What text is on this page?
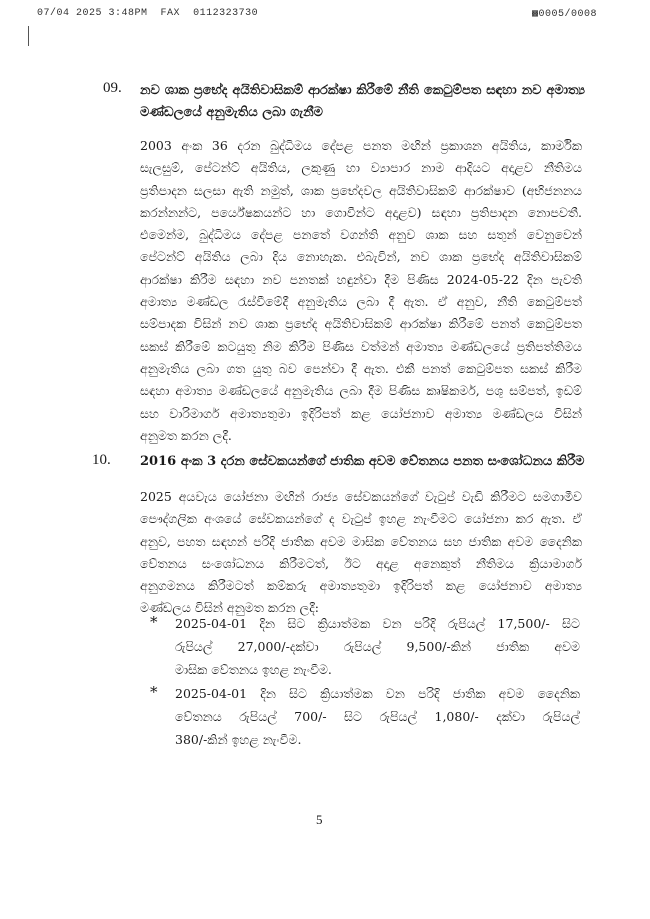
07/04 2025 3:48PM FAX 0112323730	▩0005/0008
09. නව ශාක ප්‍රභේද අයිතිවාසිකම් ආරක්ෂා කිරීමේ නීති කෙටුම්පත සඳහා නව අමාත්‍ය
මණ්ඩලයේ අනුමැතිය ලබා ගැනීම
2003 අංක 36 දරන බුද්ධිමය දේපළ පනත මඟින් ප්‍රකාශන අයිතිය, කාර්මික
සැලසුම්, පේටන්ට් අයිතිය, ලකුණු හා ව්‍යාපාර නාම ආදියට අදාළව නීතිමය
ප්‍රතිපාදන සලසා ඇති නමුත්, ශාක ප්‍රභේදවල අයිතිවාසිකම් ආරක්ෂාව (අභිජනනය
කරන්නන්ට, පර්යේෂකයන්ට හා ගොවීන්ට අදාළව) සඳහා ප්‍රතිපාදන නොපවතී.
එමෙන්ම, බුද්ධිමය දේපළ පනතේ වගන්ති අනුව ශාක සහ සතුන් වෙනුවෙන්
පේටන්ට් අයිතිය ලබා දිය නොහැක. එබැවින්, නව ශාක ප්‍රභේද අයිතිවාසිකම්
ආරක්ෂා කිරීම සඳහා නව පනතක් හඳුන්වා දීම පිණිස 2024-05-22 දින පැවති
අමාත්‍ය මණ්ඩල රැස්වීමේදී අනුමැතිය ලබා දී ඇත. ඒ අනුව, නීති කෙටුම්පත්
සම්පාදක විසින් නව ශාක ප්‍රභේද අයිතිවාසිකම් ආරක්ෂා කිරීමේ පනත් කෙටුම්පත
සකස් කිරීමේ කටයුතු නිම කිරීම පිණිස වත්මන් අමාත්‍ය මණ්ඩලයේ ප්‍රතිපත්තිමය
අනුමැතිය ලබා ගත යුතු බව පෙන්වා දී ඇත. එකී පනත් කෙටුම්පත සකස් කිරීම
සඳහා අමාත්‍ය මණ්ඩලයේ අනුමැතිය ලබා දීම පිණිස කෘෂිකර්ම, පශු සම්පත්, ඉඩම්
සහ වාරිමාර්ග අමාත්‍යතුමා ඉදිරිපත් කළ යෝජනාව අමාත්‍ය මණ්ඩලය විසින්
අනුමත කරන ලදී.
10. 2016 අංක 3 දරන සේවකයන්ගේ ජාතික අවම වේතනය පනත සංශෝධනය කිරීම
2025 අයවැය යෝජනා මඟින් රාජ්‍ය සේවකයන්ගේ වැටුප් වැඩි කිරීමට සමගාමීව
පෞද්ගලික අංශයේ සේවකයන්ගේ ද වැටුප් ඉහළ නැංවීමට යෝජනා කර ඇත. ඒ
අනුව, පහත සඳහන් පරිදි ජාතික අවම මාසික වේතනය සහ ජාතික අවම දෛනික
වේතනය සංශෝධනය කිරීමටත්, ඊට අදාළ අනෙකුත් නීතිමය ක්‍රියාමාර්ග
අනුගමනය කිරීමටත් කම්කරු අමාත්‍යතුමා ඉදිරිපත් කළ යෝජනාව අමාත්‍ය
මණ්ඩලය විසින් අනුමත කරන ලදී:
* 2025-04-01 දින සිට ක්‍රියාත්මක වන පරිදි රුපියල් 17,500/- සිට
රුපියල් 27,000/-දක්වා රුපියල් 9,500/-කින් ජාතික අවම
මාසික වේතනය ඉහළ නැංවීම.
* 2025-04-01 දින සිට ක්‍රියාත්මක වන පරිදි ජාතික අවම දෛනික
වේතනය රුපියල් 700/- සිට රුපියල් 1,080/- දක්වා රුපියල්
380/-කින් ඉහළ නැංවීම.
5
